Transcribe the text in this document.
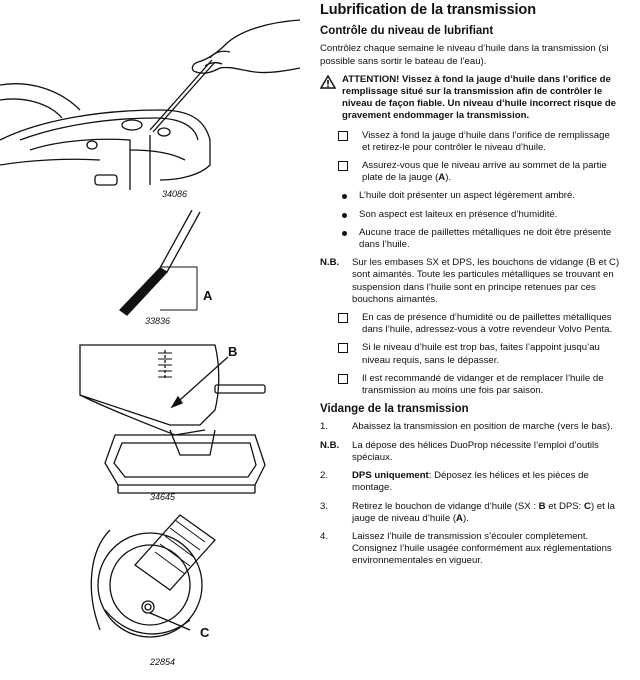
34086
A
33836
B
34645
C
22854
Lubrification de la transmission
Contrôle du niveau de lubrifiant

Contrôlez chaque semaine le niveau d’huile dans la transmission (si possible sans sortir le bateau de l’eau).

ATTENTION! Vissez à fond la jauge d’huile dans l’orifice de remplissage situé sur la transmission afin de contrôler le niveau de façon fiable. Un niveau d’huile incorrect risque de gravement endommager la transmission.

Vissez à fond la jauge d’huile dans l’orifice de remplissage et retirez-le pour contrôler le niveau d’huile.

Assurez-vous que le niveau arrive au sommet de la partie plate de la jauge (A).

L’huile doit présenter un aspect légèrement ambré.

Son aspect est laiteux en présence d’humidité.

Aucune trace de paillettes métalliques ne doit être présente dans l’huile.

N.B.	Sur les embases SX et DPS, les bouchons de vidange (B et C) sont aimantés. Toute les particules métalliques se trouvant en suspension dans l’huile sont en principe retenues par ces bouchons aimantés.

En cas de présence d’humidité ou de paillettes métalliques dans l’huile, adressez-vous à votre revendeur Volvo Penta.

Si le niveau d’huile est trop bas, faites l’appoint jusqu’au niveau requis, sans le dépasser.

Il est recommandé de vidanger et de remplacer l’huile de transmission au moins une fois par saison.

Vidange de la transmission
1.	Abaissez la transmission en position de marche (vers le bas).

N.B.	La dépose des hélices DuoProp nécessite l’emploi d’outils spéciaux.

2.	DPS uniquement: Déposez les hélices et les pièces de montage.

3.	Retirez le bouchon de vidange d’huile (SX : B et DPS: C) et la jauge de niveau d’huile (A).

4.	Laissez l’huile de transmission s’écouler complètement. Consignez l’huile usagée conformément aux réglementations environnementales en vigueur.
